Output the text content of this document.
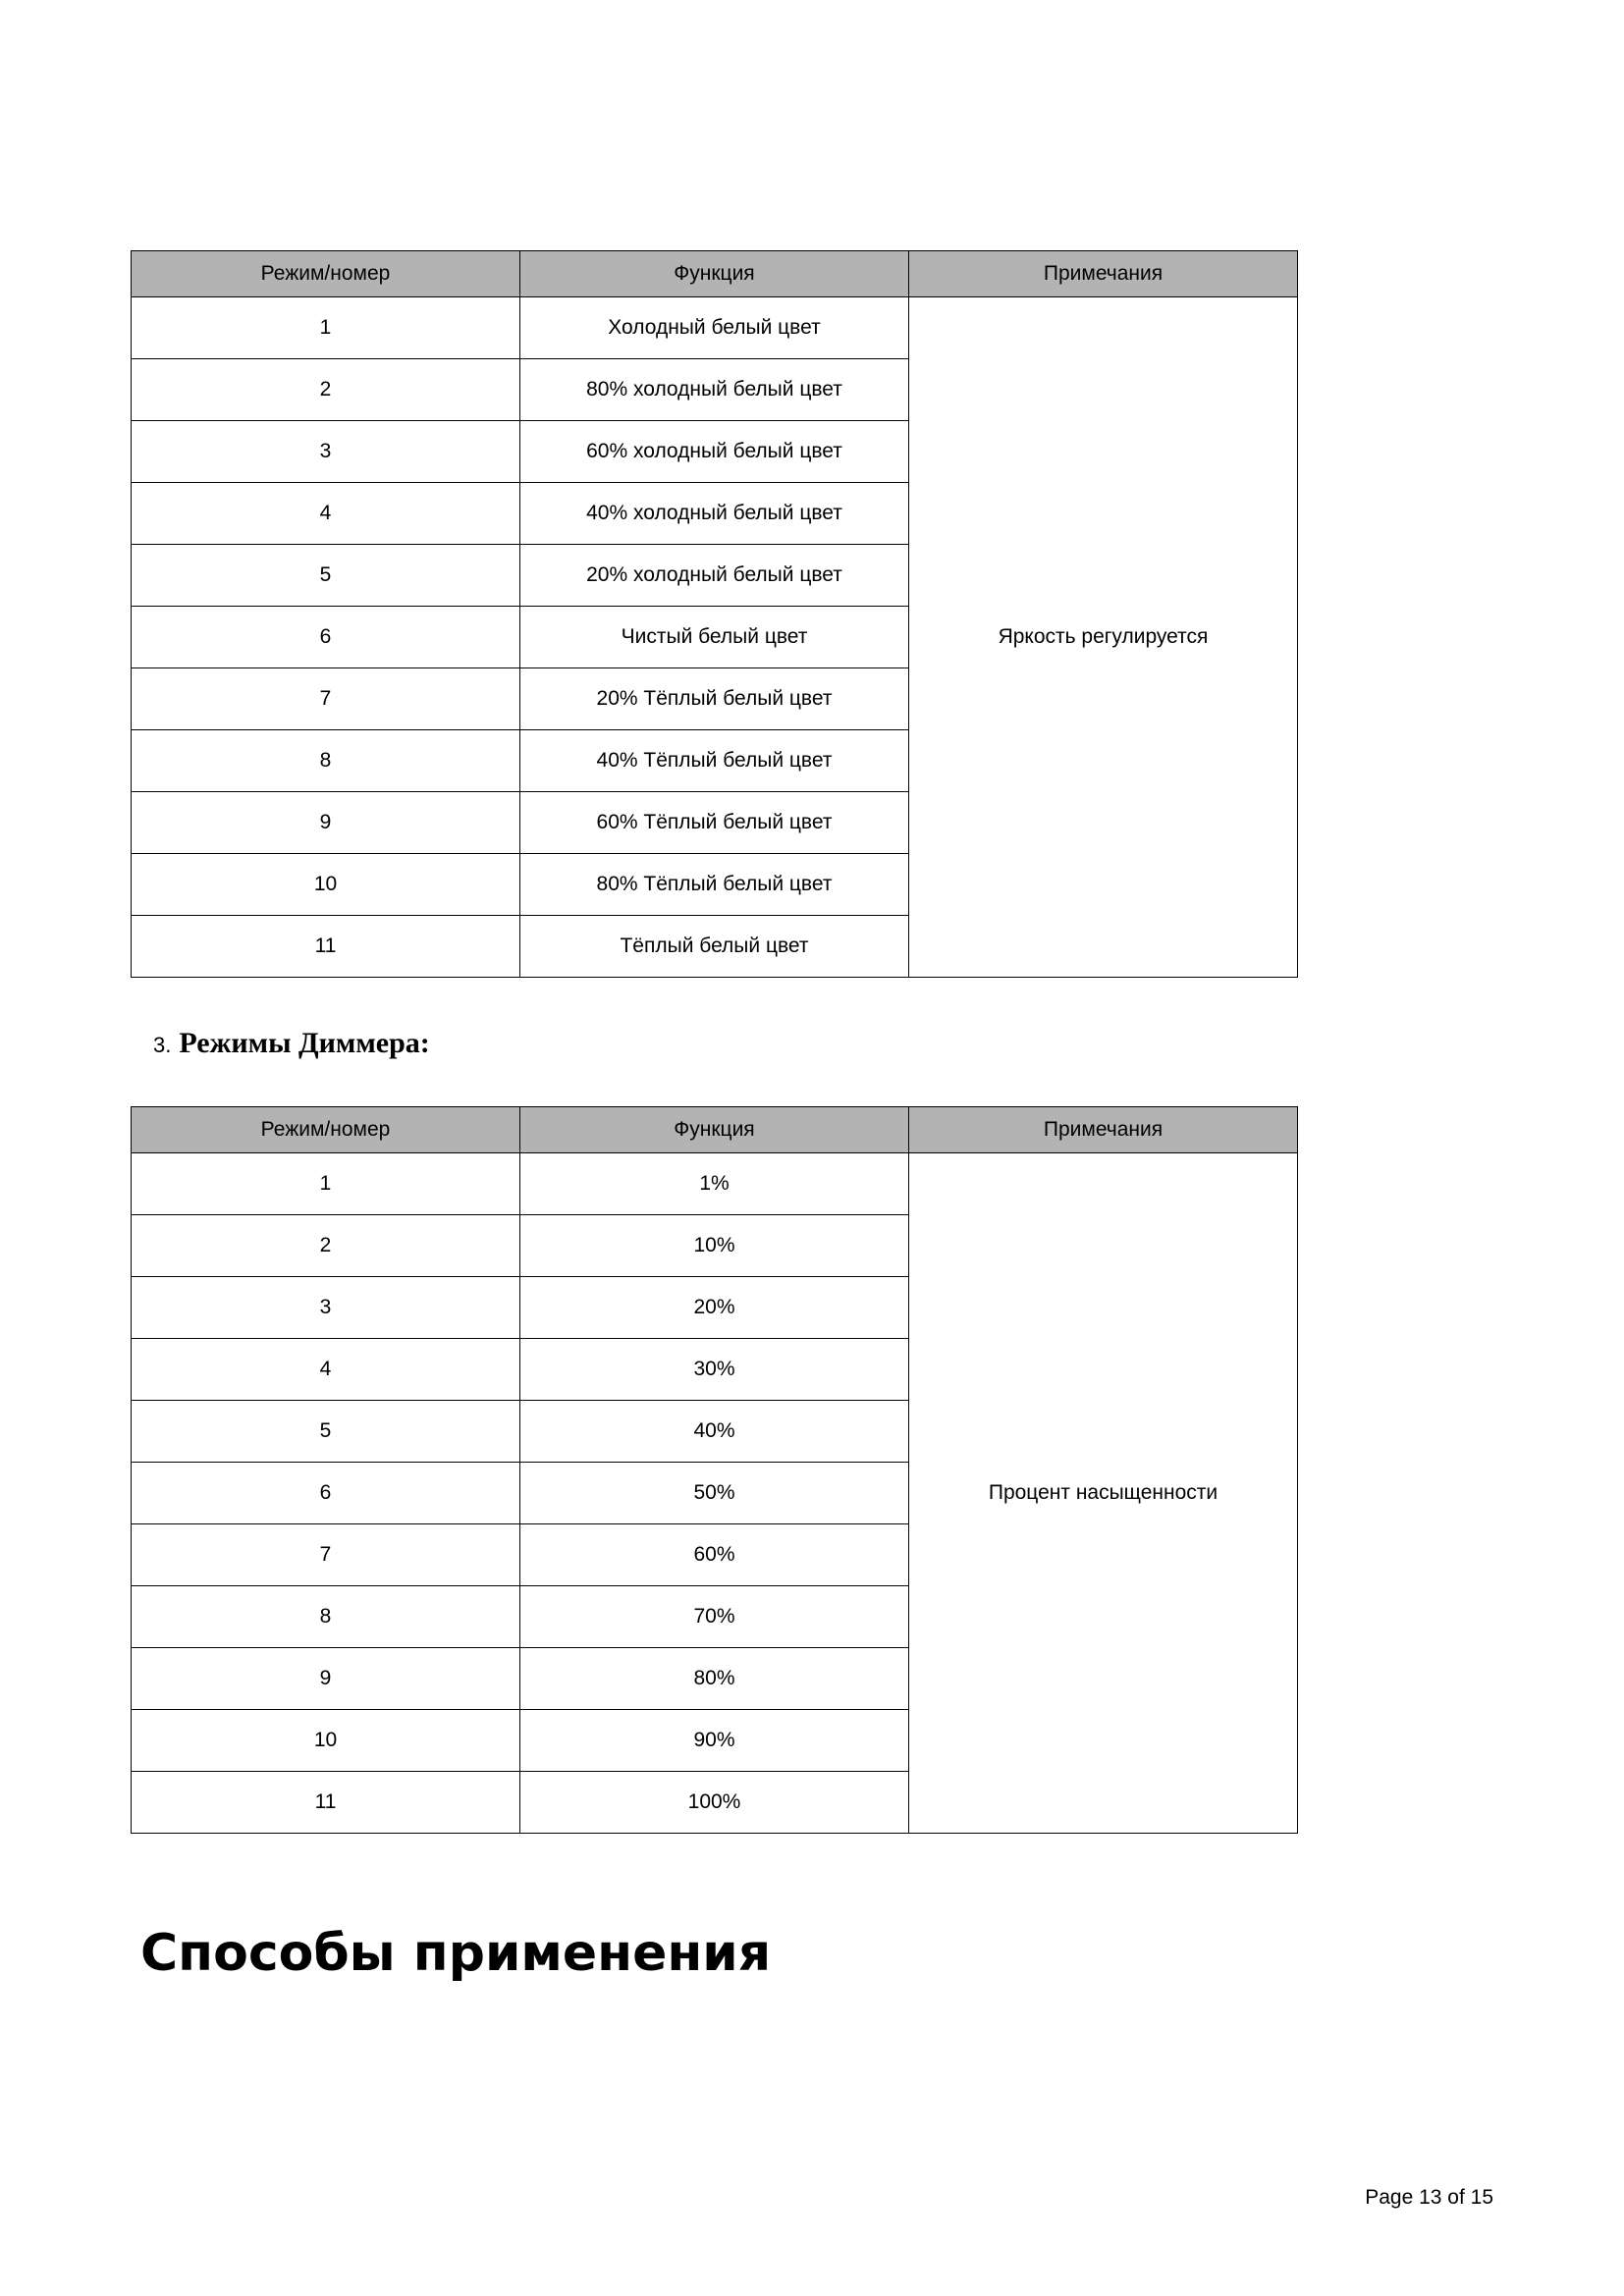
Режим/номер	Функция	Примечания
1	Холодный белый цвет	Яркость регулируется
2	80% холодный белый цвет	
3	60% холодный белый цвет	
4	40% холодный белый цвет	
5	20% холодный белый цвет	
6	Чистый белый цвет	
7	20% Тёплый белый цвет	
8	40% Тёплый белый цвет	
9	60% Тёплый белый цвет	
10	80% Тёплый белый цвет	
11	Тёплый белый цвет	
3. Режимы Диммера:
Режим/номер	Функция	Примечания
1	1%	Процент насыщенности
2	10%	
3	20%	
4	30%	
5	40%	
6	50%	
7	60%	
8	70%	
9	80%	
10	90%	
11	100%	
Способы применения
Page 13 of 15
